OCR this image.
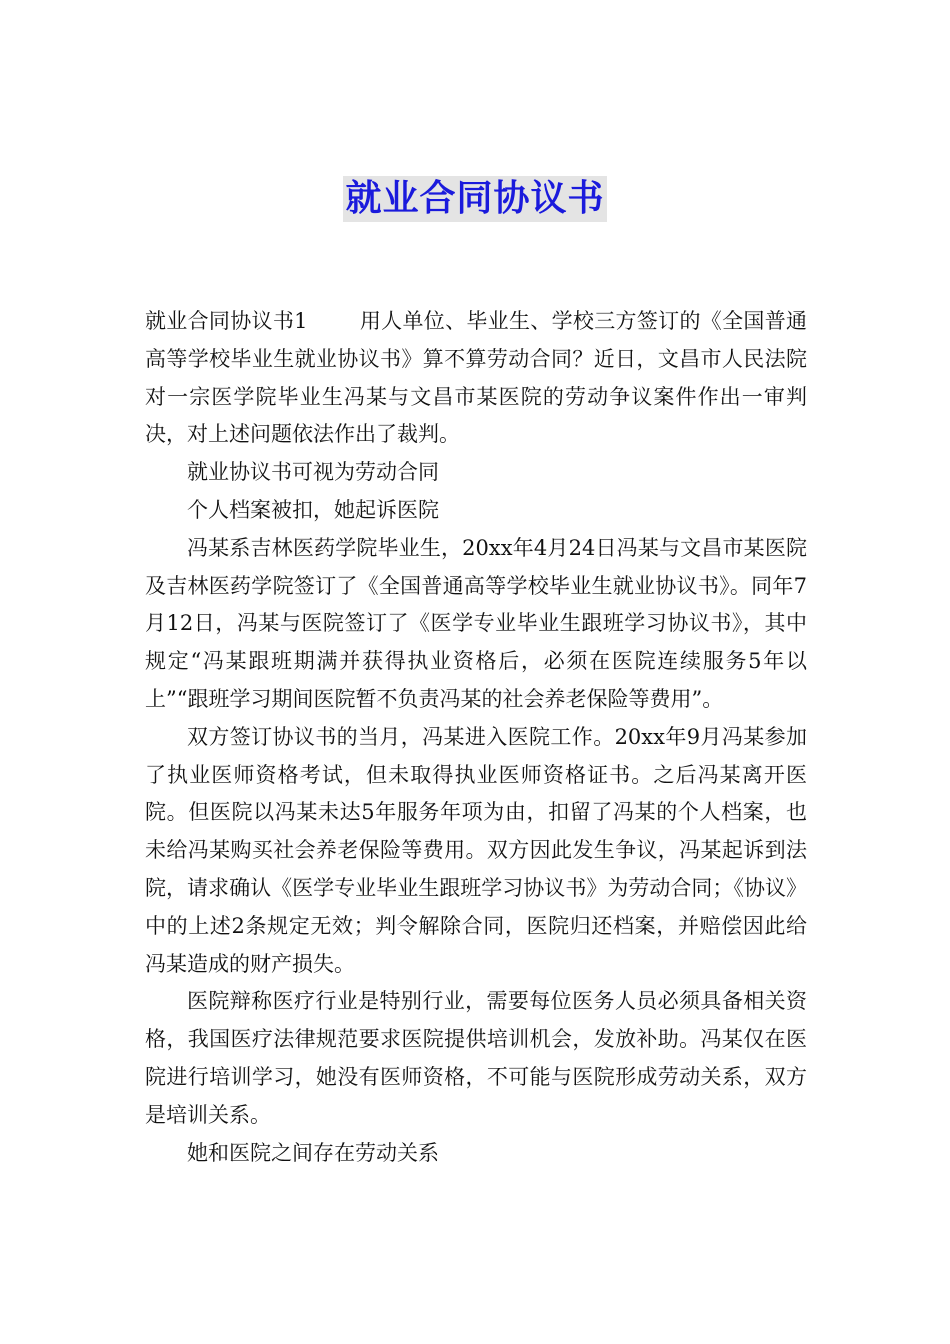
就业合同协议书

就业合同协议书1 用人单位、毕业生、学校三方签订的《全国普通高等学校毕业生就业协议书》算不算劳动合同？近日，文昌市人民法院对一宗医学院毕业生冯某与文昌市某医院的劳动争议案件作出一审判决，对上述问题依法作出了裁判。

就业协议书可视为劳动合同

个人档案被扣，她起诉医院

冯某系吉林医药学院毕业生，20xx年4月24日冯某与文昌市某医院及吉林医药学院签订了《全国普通高等学校毕业生就业协议书》。同年7月12日，冯某与医院签订了《医学专业毕业生跟班学习协议书》，其中规定“冯某跟班期满并获得执业资格后，必须在医院连续服务5年以上”“跟班学习期间医院暂不负责冯某的社会养老保险等费用”。

双方签订协议书的当月，冯某进入医院工作。20xx年9月冯某参加了执业医师资格考试，但未取得执业医师资格证书。之后冯某离开医院。但医院以冯某未达5年服务年项为由，扣留了冯某的个人档案，也未给冯某购买社会养老保险等费用。双方因此发生争议，冯某起诉到法院，请求确认《医学专业毕业生跟班学习协议书》为劳动合同；《协议》中的上述2条规定无效；判令解除合同，医院归还档案，并赔偿因此给冯某造成的财产损失。

医院辩称医疗行业是特别行业，需要每位医务人员必须具备相关资格，我国医疗法律规范要求医院提供培训机会，发放补助。冯某仅在医院进行培训学习，她没有医师资格，不可能与医院形成劳动关系，双方是培训关系。

她和医院之间存在劳动关系
